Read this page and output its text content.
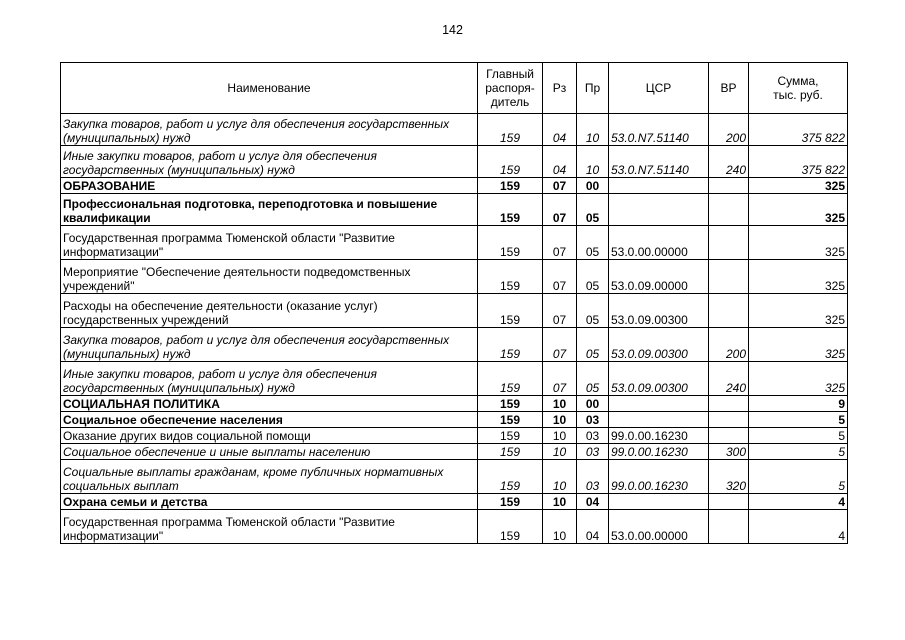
142
Наименование	Главный распоря-дитель	Рз	Пр	ЦСР	ВР	Сумма, тыс. руб.

Закупка товаров, работ и услуг для обеспечения государственных (муниципальных) нужд	159	04	10	53.0.N7.51140	200	375 822
Иные закупки товаров, работ и услуг для обеспечения государственных (муниципальных) нужд	159	04	10	53.0.N7.51140	240	375 822
ОБРАЗОВАНИЕ	159	07	00			325
Профессиональная подготовка, переподготовка и повышение квалификации	159	07	05			325
Государственная программа Тюменской области "Развитие информатизации"	159	07	05	53.0.00.00000		325
Мероприятие "Обеспечение деятельности подведомственных учреждений"	159	07	05	53.0.09.00000		325
Расходы на обеспечение деятельности (оказание услуг) государственных учреждений	159	07	05	53.0.09.00300		325
Закупка товаров, работ и услуг для обеспечения государственных (муниципальных) нужд	159	07	05	53.0.09.00300	200	325
Иные закупки товаров, работ и услуг для обеспечения государственных (муниципальных) нужд	159	07	05	53.0.09.00300	240	325
СОЦИАЛЬНАЯ ПОЛИТИКА	159	10	00			9
Социальное обеспечение населения	159	10	03			5
Оказание других видов социальной помощи	159	10	03	99.0.00.16230		5
Социальное обеспечение и иные выплаты населению	159	10	03	99.0.00.16230	300	5
Социальные выплаты гражданам, кроме публичных нормативных социальных выплат	159	10	03	99.0.00.16230	320	5
Охрана семьи и детства	159	10	04			4
Государственная программа Тюменской области "Развитие информатизации"	159	10	04	53.0.00.00000		4
